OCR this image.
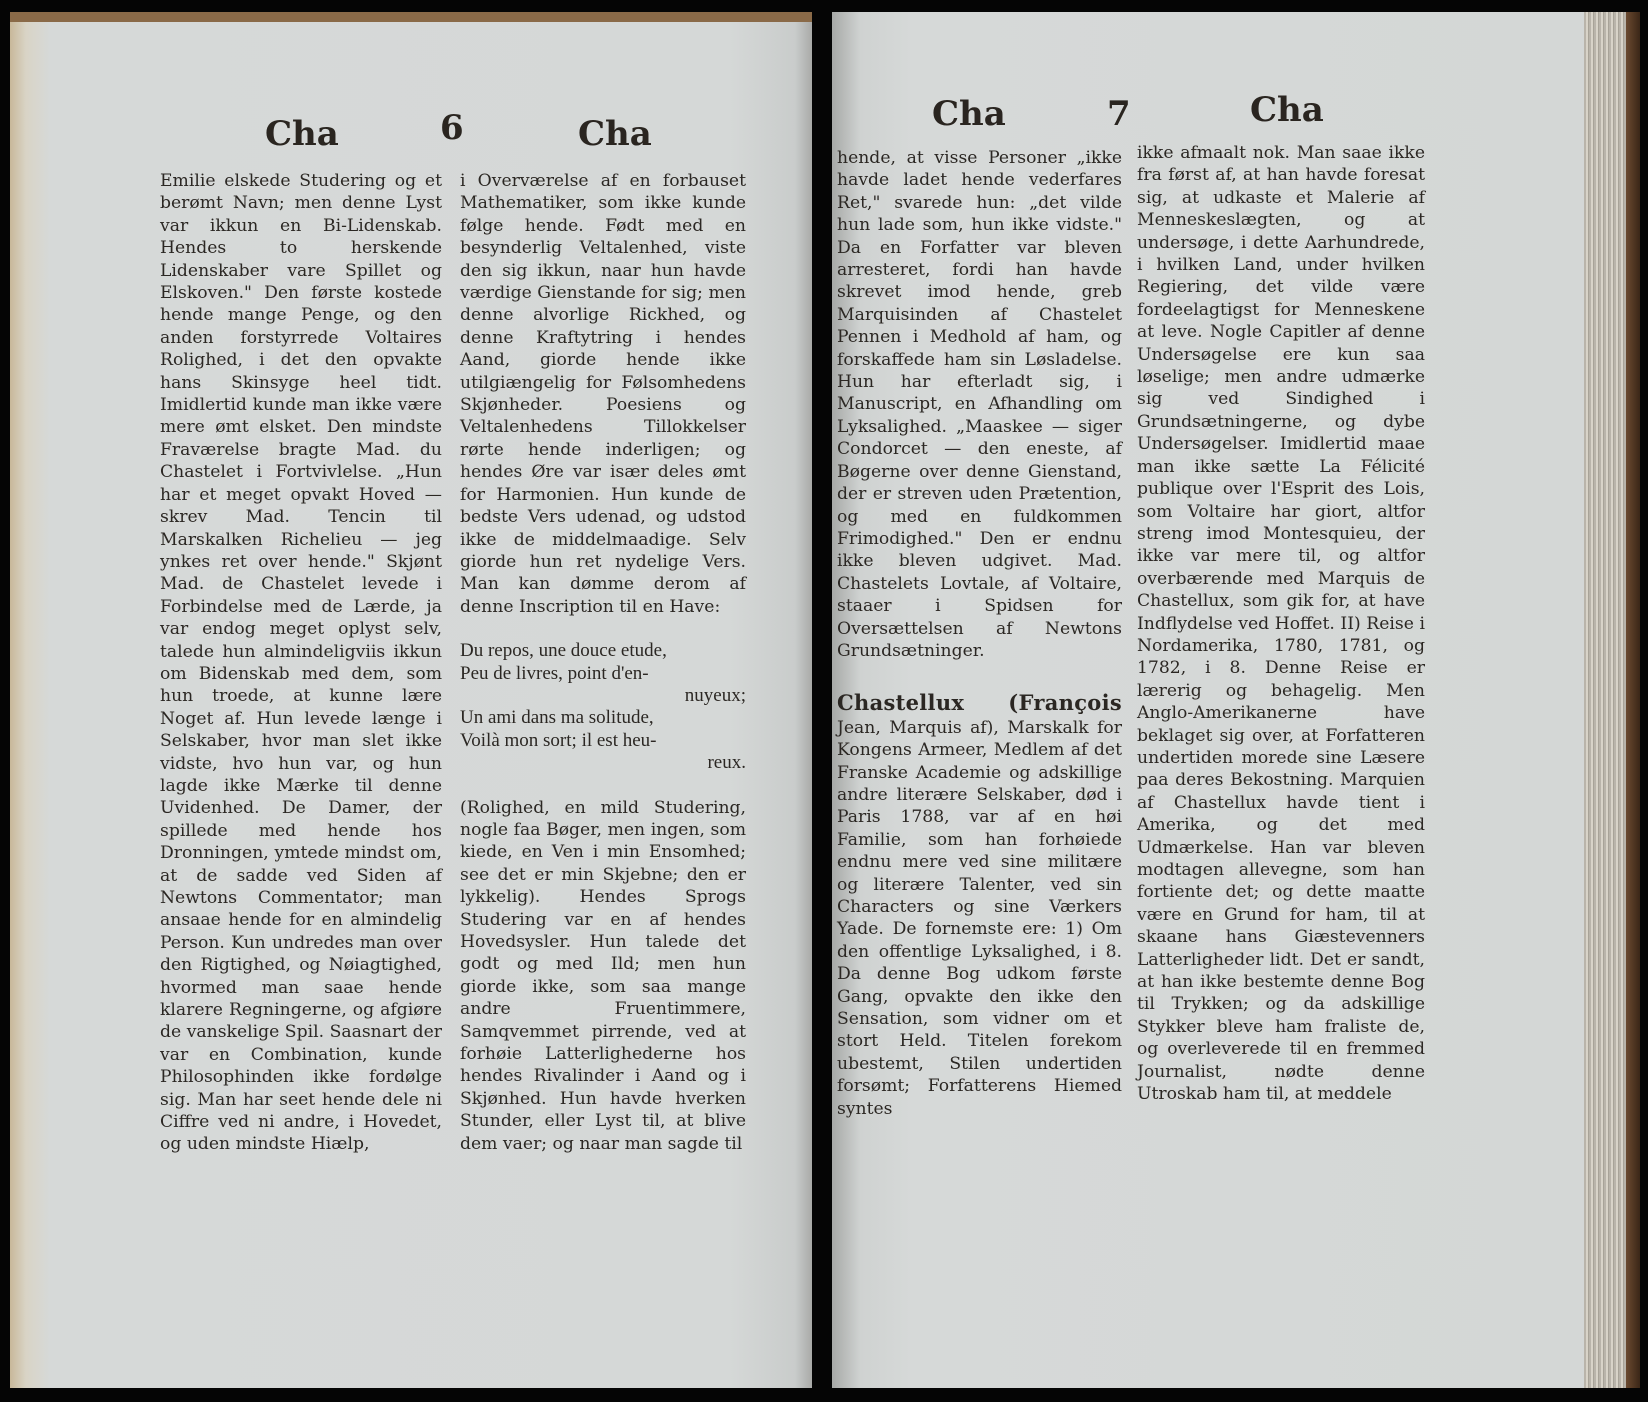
Cha	6	Cha

Emilie elskede Studering og et berømt Navn; men denne Lyst var ikkun en Bi-Lidenskab. Hendes to herskende Lidenskaber vare Spillet og Elskoven." Den første kostede hende mange Penge, og den anden forstyrrede Voltaires Rolighed, i det den opvakte hans Skinsyge heel tidt. Imidlertid kunde man ikke være mere ømt elsket. Den mindste Fraværelse bragte Mad. du Chastelet i Fortvivlelse. „Hun har et meget opvakt Hoved — skrev Mad. Tencin til Marskalken Richelieu — jeg ynkes ret over hende." Skjønt Mad. de Chastelet levede i Forbindelse med de Lærde, ja var endog meget oplyst selv, talede hun almindeligviis ikkun om Bidenskab med dem, som hun troede, at kunne lære Noget af. Hun levede længe i Selskaber, hvor man slet ikke vidste, hvo hun var, og hun lagde ikke Mærke til denne Uvidenhed. De Damer, der spillede med hende hos Dronningen, ymtede mindst om, at de sadde ved Siden af Newtons Commentator; man ansaae hende for en almindelig Person. Kun undredes man over den Rigtighed, og Nøiagtighed, hvormed man saae hende klarere Regningerne, og afgiøre de vanskelige Spil. Saasnart der var en Combination, kunde Philosophinden ikke fordølge sig. Man har seet hende dele ni Ciffre ved ni andre, i Hovedet, og uden mindste Hiælp,

i Overværelse af en forbauset Mathematiker, som ikke kunde følge hende. Født med en besynderlig Veltalenhed, viste den sig ikkun, naar hun havde værdige Gienstande for sig; men denne alvorlige Rickhed, og denne Kraftytring i hendes Aand, giorde hende ikke utilgiængelig for Følsomhedens Skjønheder. Poesiens og Veltalenhedens Tillokkelser rørte hende inderligen; og hendes Øre var især deles ømt for Harmonien. Hun kunde de bedste Vers udenad, og udstod ikke de middelmaadige. Selv giorde hun ret nydelige Vers. Man kan dømme derom af denne Inscription til en Have:

Du repos, une douce etude,
Peu de livres, point d'en-
nuyeux;
Un ami dans ma solitude,
Voilà mon sort; il est heu-
reux.

(Rolighed, en mild Studering, nogle faa Bøger, men ingen, som kiede, en Ven i min Ensomhed; see det er min Skjebne; den er lykkelig). Hendes Sprogs Studering var en af hendes Hovedsysler. Hun talede det godt og med Ild; men hun giorde ikke, som saa mange andre Fruentimmere, Samqvemmet pirrende, ved at forhøie Latterlighederne hos hendes Rivalinder i Aand og i Skjønhed. Hun havde hverken Stunder, eller Lyst til, at blive dem vaer; og naar man sagde til

Cha	7	Cha

hende, at visse Personer „ikke havde ladet hende vederfares Ret," svarede hun: „det vilde hun lade som, hun ikke vidste." Da en Forfatter var bleven arresteret, fordi han havde skrevet imod hende, greb Marquisinden af Chastelet Pennen i Medhold af ham, og forskaffede ham sin Løsladelse. Hun har efterladt sig, i Manuscript, en Afhandling om Lyksalighed. „Maaskee — siger Condorcet — den eneste, af Bøgerne over denne Gienstand, der er streven uden Prætention, og med en fuldkommen Frimodighed." Den er endnu ikke bleven udgivet. Mad. Chastelets Lovtale, af Voltaire, staaer i Spidsen for Oversættelsen af Newtons Grundsætninger.

Chastellux (François Jean, Marquis af), Marskalk for Kongens Armeer, Medlem af det Franske Academie og adskillige andre literære Selskaber, død i Paris 1788, var af en høi Familie, som han forhøiede endnu mere ved sine militære og literære Talenter, ved sin Characters og sine Værkers Yade. De fornemste ere: 1) Om den offentlige Lyksalighed, i 8. Da denne Bog udkom første Gang, opvakte den ikke den Sensation, som vidner om et stort Held. Titelen forekom ubestemt, Stilen undertiden forsømt; Forfatterens Hiemed syntes

ikke afmaalt nok. Man saae ikke fra først af, at han havde foresat sig, at udkaste et Malerie af Menneskeslægten, og at undersøge, i dette Aarhundrede, i hvilken Land, under hvilken Regiering, det vilde være fordeelagtigst for Menneskene at leve. Nogle Capitler af denne Undersøgelse ere kun saa løselige; men andre udmærke sig ved Sindighed i Grundsætningerne, og dybe Undersøgelser. Imidlertid maae man ikke sætte La Félicité publique over l'Esprit des Lois, som Voltaire har giort, altfor streng imod Montesquieu, der ikke var mere til, og altfor overbærende med Marquis de Chastellux, som gik for, at have Indflydelse ved Hoffet. II) Reise i Nordamerika, 1780, 1781, og 1782, i 8. Denne Reise er lærerig og behagelig. Men Anglo-Amerikanerne have beklaget sig over, at Forfatteren undertiden morede sine Læsere paa deres Bekostning. Marquien af Chastellux havde tient i Amerika, og det med Udmærkelse. Han var bleven modtagen allevegne, som han fortiente det; og dette maatte være en Grund for ham, til at skaane hans Giæstevenners Latterligheder lidt. Det er sandt, at han ikke bestemte denne Bog til Trykken; og da adskillige Stykker bleve ham fraliste de, og overleverede til en fremmed Journalist, nødte denne Utroskab ham til, at meddele
